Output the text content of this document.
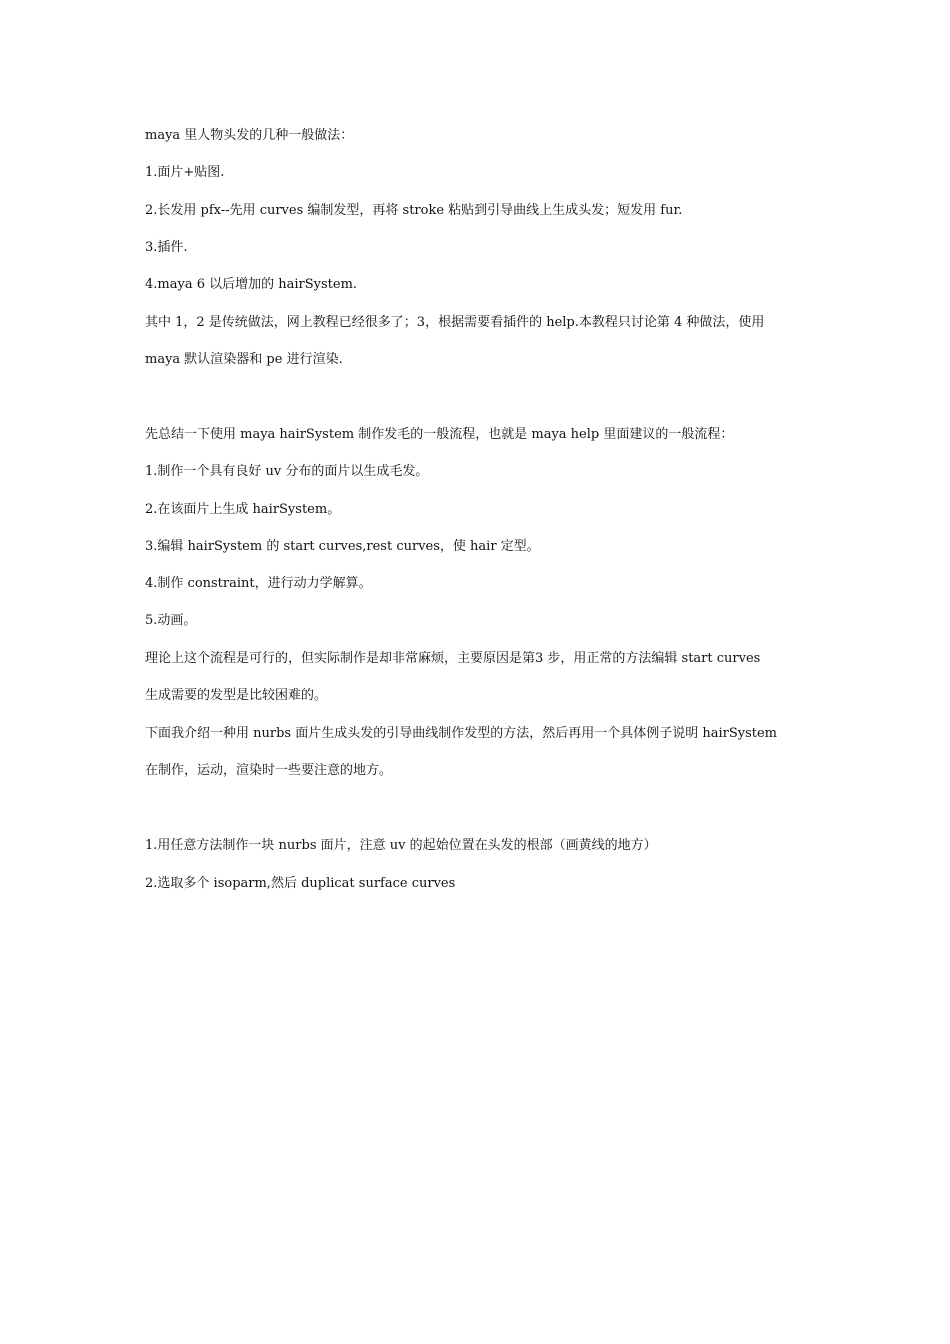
maya 里人物头发的几种一般做法：
1.面片+贴图.
2.长发用 pfx--先用 curves 编制发型，再将 stroke 粘贴到引导曲线上生成头发；短发用 fur.
3.插件.
4.maya 6 以后增加的 hairSystem.
其中 1，2 是传统做法，网上教程已经很多了；3，根据需要看插件的 help.本教程只讨论第 4 种做法，使用
maya 默认渲染器和 pe 进行渲染.
先总结一下使用 maya hairSystem 制作发毛的一般流程，也就是 maya help 里面建议的一般流程：
1.制作一个具有良好 uv 分布的面片以生成毛发。
2.在该面片上生成 hairSystem。
3.编辑 hairSystem 的 start curves,rest curves，使 hair 定型。
4.制作 constraint，进行动力学解算。
5.动画。
理论上这个流程是可行的，但实际制作是却非常麻烦，主要原因是第3 步，用正常的方法编辑 start curves
生成需要的发型是比较困难的。
下面我介绍一种用 nurbs 面片生成头发的引导曲线制作发型的方法，然后再用一个具体例子说明 hairSystem
在制作，运动，渲染时一些要注意的地方。
1.用任意方法制作一块 nurbs 面片，注意 uv 的起始位置在头发的根部（画黄线的地方）
2.选取多个 isoparm,然后 duplicat surface curves
